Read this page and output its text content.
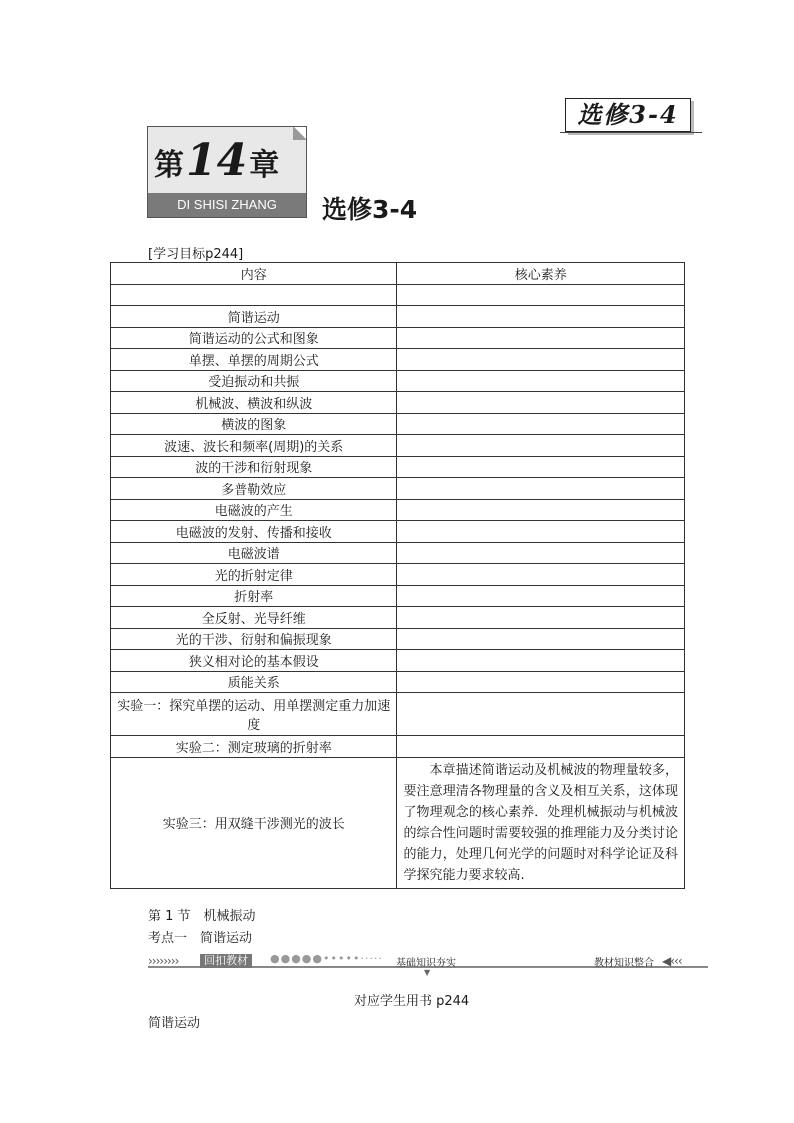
选修3-4
第14章
DI SHISI ZHANG	选修3-4
[学习目标p244]
内容	核心素养

简谐运动	
简谐运动的公式和图象	
单摆、单摆的周期公式	
受迫振动和共振	
机械波、横波和纵波	
横波的图象	
波速、波长和频率(周期)的关系	
波的干涉和衍射现象	
多普勒效应	
电磁波的产生	
电磁波的发射、传播和接收	
电磁波谱	
光的折射定律	
折射率	
全反射、光导纤维	
光的干涉、衍射和偏振现象	
狭义相对论的基本假设	
质能关系	
实验一：探究单摆的运动、用单摆测定重力加速度	
实验二：测定玻璃的折射率	
实验三：用双缝干涉测光的波长	本章描述简谐运动及机械波的物理量较多，要注意理清各物理量的含义及相互关系，这体现了物理观念的核心素养．处理机械振动与机械波的综合性问题时需要较强的推理能力及分类讨论的能力，处理几何光学的问题时对科学论证及科学探究能力要求较高.
第 1 节　机械振动
考点一　简谐运动
››››››››	回扣教材	●●●●●•••••····· 基础知识夯实
▼
教材知识整合 ◀‹‹‹
对应学生用书 p244
简谐运动
